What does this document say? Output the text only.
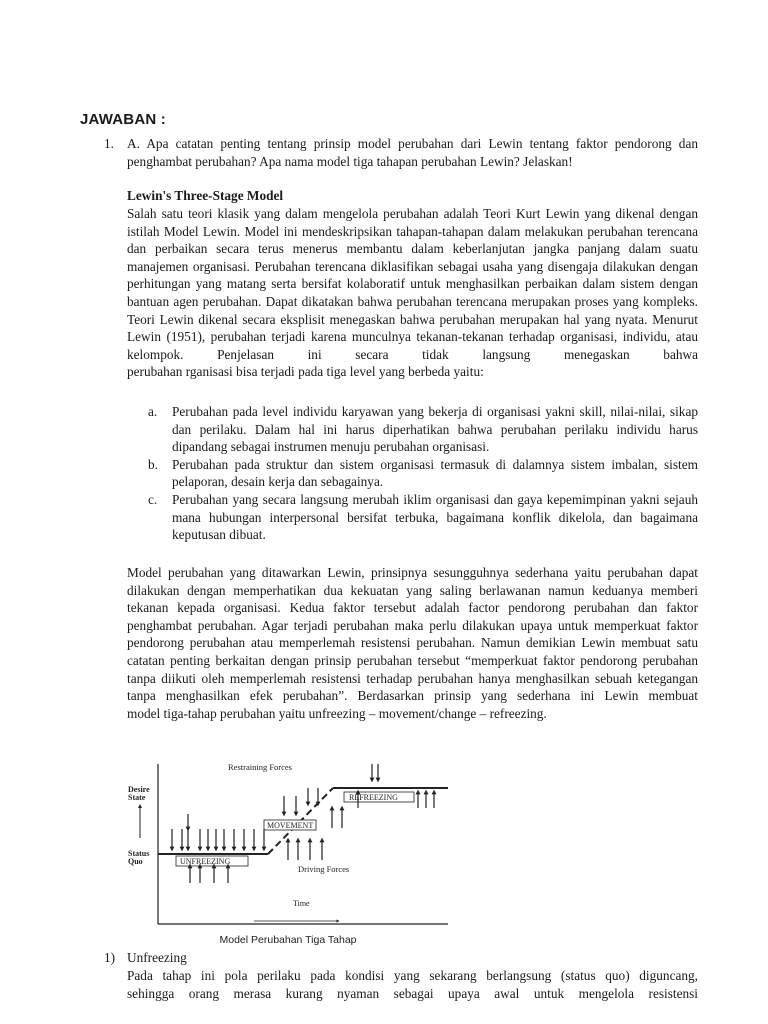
JAWABAN :
1. A. Apa catatan penting tentang prinsip model perubahan dari Lewin tentang faktor pendorong dan penghambat perubahan? Apa nama model tiga tahapan perubahan Lewin? Jelaskan!
Lewin's Three-Stage Model
Salah satu teori klasik yang dalam mengelola perubahan adalah Teori Kurt Lewin yang dikenal dengan istilah Model Lewin. Model ini mendeskripsikan tahapan-tahapan dalam melakukan perubahan terencana dan perbaikan secara terus menerus membantu dalam keberlanjutan jangka panjang dalam suatu manajemen organisasi. Perubahan terencana diklasifikan sebagai usaha yang disengaja dilakukan dengan perhitungan yang matang serta bersifat kolaboratif untuk menghasilkan perbaikan dalam sistem dengan bantuan agen perubahan. Dapat dikatakan bahwa perubahan terencana merupakan proses yang kompleks. Teori Lewin dikenal secara eksplisit menegaskan bahwa perubahan merupakan hal yang nyata. Menurut Lewin (1951), perubahan terjadi karena munculnya tekanan-tekanan terhadap organisasi, individu, atau kelompok. Penjelasan ini secara tidak langsung menegaskan bahwa
perubahan rganisasi bisa terjadi pada tiga level yang berbeda yaitu:
a. Perubahan pada level individu karyawan yang bekerja di organisasi yakni skill, nilai-nilai, sikap dan perilaku. Dalam hal ini harus diperhatikan bahwa perubahan perilaku individu harus dipandang sebagai instrumen menuju perubahan organisasi.
b. Perubahan pada struktur dan sistem organisasi termasuk di dalamnya sistem imbalan, sistem pelaporan, desain kerja dan sebagainya.
c. Perubahan yang secara langsung merubah iklim organisasi dan gaya kepemimpinan yakni sejauh mana hubungan interpersonal bersifat terbuka, bagaimana konflik dikelola, dan bagaimana keputusan dibuat.
Model perubahan yang ditawarkan Lewin, prinsipnya sesungguhnya sederhana yaitu perubahan dapat dilakukan dengan memperhatikan dua kekuatan yang saling berlawanan namun keduanya memberi tekanan kepada organisasi. Kedua faktor tersebut adalah factor pendorong perubahan dan faktor penghambat perubahan. Agar terjadi perubahan maka perlu dilakukan upaya untuk memperkuat faktor pendorong perubahan atau memperlemah resistensi perubahan. Namun demikian Lewin membuat satu catatan penting berkaitan dengan prinsip perubahan tersebut “memperkuat faktor pendorong perubahan tanpa diikuti oleh memperlemah resistensi terhadap perubahan hanya menghasilkan sebuah ketegangan tanpa menghasilkan efek perubahan”. Berdasarkan prinsip yang sederhana ini Lewin membuat
model tiga-tahap perubahan yaitu unfreezing – movement/change – refreezing.
Restraining Forces
Desire
State
Status
Quo
REFREEZING
MOVEMENT
UNFREEZING
Driving Forces
Time
Model Perubahan Tiga Tahap
1) Unfreezing
Pada tahap ini pola perilaku pada kondisi yang sekarang berlangsung (status quo) diguncang,
sehingga orang merasa kurang nyaman sebagai upaya awal untuk mengelola resistensi
